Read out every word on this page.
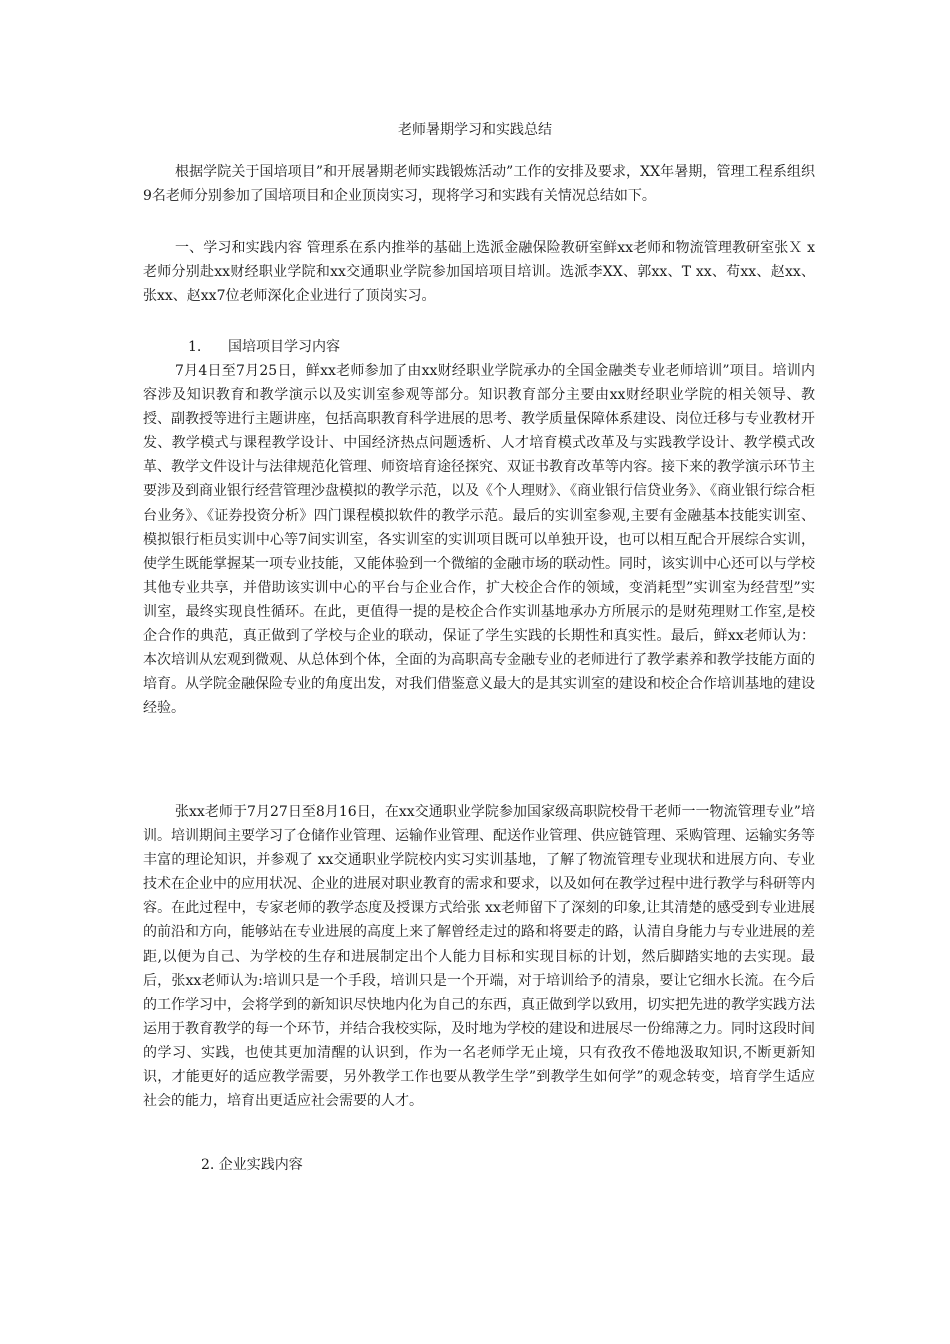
老师暑期学习和实践总结

根据学院关于国培项目”和开展暑期老师实践锻炼活动”工作的安排及要求，XX年暑期，管理工程系组织9名老师分别参加了国培项目和企业顶岗实习，现将学习和实践有关情况总结如下。

一、学习和实践内容 管理系在系内推举的基础上选派金融保险教研室鲜xx老师和物流管理教研室张Ｘ x老师分别赴xx财经职业学院和xx交通职业学院参加国培项目培训。选派李XX、郭xx、T xx、苟xx、赵xx、张xx、赵xx7位老师深化企业进行了顶岗实习。

1. 国培项目学习内容

7月4日至7月25日，鲜xx老师参加了由xx财经职业学院承办的全国金融类专业老师培训”项目。培训内容涉及知识教育和教学演示以及实训室参观等部分。知识教育部分主要由xx财经职业学院的相关领导、教授、副教授等进行主题讲座，包括高职教育科学进展的思考、教学质量保障体系建设、岗位迁移与专业教材开发、教学模式与课程教学设计、中国经济热点问题透析、人才培育模式改革及与实践教学设计、教学模式改革、教学文件设计与法律规范化管理、师资培育途径探究、双证书教育改革等内容。接下来的教学演示环节主要涉及到商业银行经营管理沙盘模拟的教学示范，以及《个人理财》、《商业银行信贷业务》、《商业银行综合柜台业务》、《证券投资分析》四门课程模拟软件的教学示范。最后的实训室参观,主要有金融基本技能实训室、模拟银行柜员实训中心等7间实训室，各实训室的实训项目既可以单独开设，也可以相互配合开展综合实训，使学生既能掌握某一项专业技能，又能体验到一个微缩的金融市场的联动性。同时，该实训中心还可以与学校其他专业共享，并借助该实训中心的平台与企业合作，扩大校企合作的领域，变消耗型”实训室为经营型”实训室，最终实现良性循环。在此，更值得一提的是校企合作实训基地承办方所展示的是财苑理财工作室,是校企合作的典范，真正做到了学校与企业的联动，保证了学生实践的长期性和真实性。最后，鲜xx老师认为：本次培训从宏观到微观、从总体到个体，全面的为高职高专金融专业的老师进行了教学素养和教学技能方面的培育。从学院金融保险专业的角度出发，对我们借鉴意义最大的是其实训室的建设和校企合作培训基地的建设经验。

张xx老师于7月27日至8月16日，在xx交通职业学院参加国家级高职院校骨干老师一一物流管理专业”培训。培训期间主要学习了仓储作业管理、运输作业管理、配送作业管理、供应链管理、采购管理、运输实务等丰富的理论知识，并参观了 xx交通职业学院校内实习实训基地，了解了物流管理专业现状和进展方向、专业技术在企业中的应用状况、企业的进展对职业教育的需求和要求，以及如何在教学过程中进行教学与科研等内容。在此过程中，专家老师的教学态度及授课方式给张 xx老师留下了深刻的印象,让其清楚的感受到专业进展的前沿和方向，能够站在专业进展的高度上来了解曾经走过的路和将要走的路，认清自身能力与专业进展的差距,以便为自己、为学校的生存和进展制定出个人能力目标和实现目标的计划，然后脚踏实地的去实现。最后，张xx老师认为:培训只是一个手段，培训只是一个开端，对于培训给予的清泉，要让它细水长流。在今后的工作学习中，会将学到的新知识尽快地内化为自己的东西，真正做到学以致用，切实把先进的教学实践方法运用于教育教学的每一个环节，并结合我校实际，及时地为学校的建设和进展尽一份绵薄之力。同时这段时间的学习、实践，也使其更加清醒的认识到，作为一名老师学无止境，只有孜孜不倦地汲取知识,不断更新知识，才能更好的适应教学需要，另外教学工作也要从教学生学”到教学生如何学”的观念转变，培育学生适应社会的能力，培育出更适应社会需要的人才。

2. 企业实践内容
